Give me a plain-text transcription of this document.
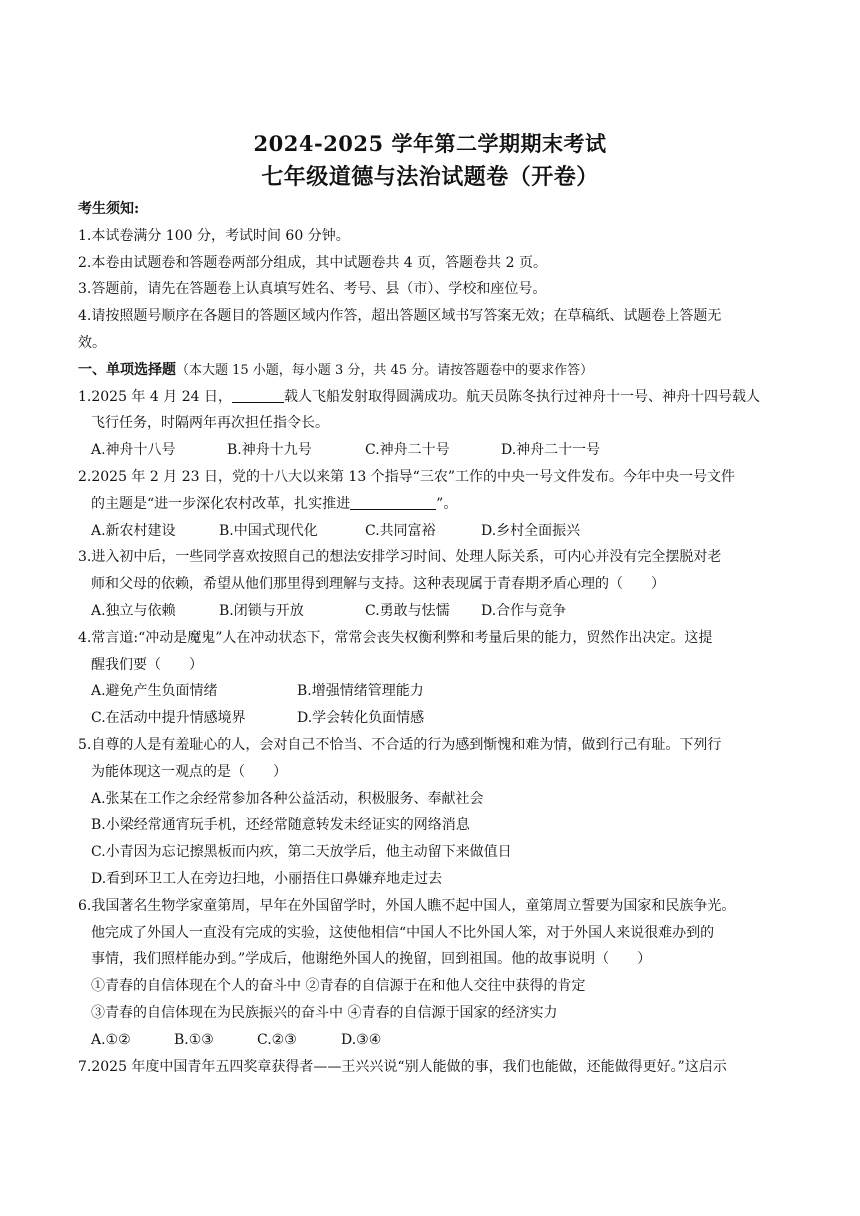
2024-2025 学年第二学期期末考试
七年级道德与法治试题卷（开卷）
考生须知:
1.本试卷满分 100 分，考试时间 60 分钟。
2.本卷由试题卷和答题卷两部分组成，其中试题卷共 4 页，答题卷共 2 页。
3.答题前，请先在答题卷上认真填写姓名、考号、县（市）、学校和座位号。
4.请按照题号顺序在各题目的答题区域内作答，超出答题区域书写答案无效；在草稿纸、试题卷上答题无
效。
一、单项选择题（本大题 15 小题，每小题 3 分，共 45 分。请按答题卷中的要求作答）
1.2025 年 4 月 24 日，	载人飞船发射取得圆满成功。航天员陈冬执行过神舟十一号、神舟十四号载人
飞行任务，时隔两年再次担任指令长。
A.神舟十八号	B.神舟十九号	C.神舟二十号	D.神舟二十一号
2.2025 年 2 月 23 日，党的十八大以来第 13 个指导“三农”工作的中央一号文件发布。今年中央一号文件
的主题是“进一步深化农村改革，扎实推进	”。
A.新农村建设	B.中国式现代化	C.共同富裕	D.乡村全面振兴
3.进入初中后，一些同学喜欢按照自己的想法安排学习时间、处理人际关系，可内心并没有完全摆脱对老
师和父母的依赖，希望从他们那里得到理解与支持。这种表现属于青春期矛盾心理的（　　）
A.独立与依赖	B.闭锁与开放	C.勇敢与怯懦 D.合作与竞争
4.常言道:“冲动是魔鬼”人在冲动状态下，常常会丧失权衡利弊和考量后果的能力，贸然作出决定。这提
醒我们要（　　）
A.避免产生负面情绪	B.增强情绪管理能力
C.在活动中提升情感境界	D.学会转化负面情感
5.自尊的人是有羞耻心的人，会对自己不恰当、不合适的行为感到惭愧和难为情，做到行己有耻。下列行
为能体现这一观点的是（　　）
A.张某在工作之余经常参加各种公益活动，积极服务、奉献社会
B.小梁经常通宵玩手机，还经常随意转发未经证实的网络消息
C.小青因为忘记擦黑板而内疚，第二天放学后，他主动留下来做值日
D.看到环卫工人在旁边扫地，小丽捂住口鼻嫌弃地走过去
6.我国著名生物学家童第周，早年在外国留学时，外国人瞧不起中国人，童第周立誓要为国家和民族争光。
他完成了外国人一直没有完成的实验，这使他相信“中国人不比外国人笨，对于外国人来说很难办到的
事情，我们照样能办到。”学成后，他谢绝外国人的挽留，回到祖国。他的故事说明（　　）
①青春的自信体现在个人的奋斗中 ②青春的自信源于在和他人交往中获得的肯定
③青春的自信体现在为民族振兴的奋斗中 ④青春的自信源于国家的经济实力
A.①②	B.①③	C.②③	D.③④
7.2025 年度中国青年五四奖章获得者——王兴兴说“别人能做的事，我们也能做，还能做得更好。”这启示
